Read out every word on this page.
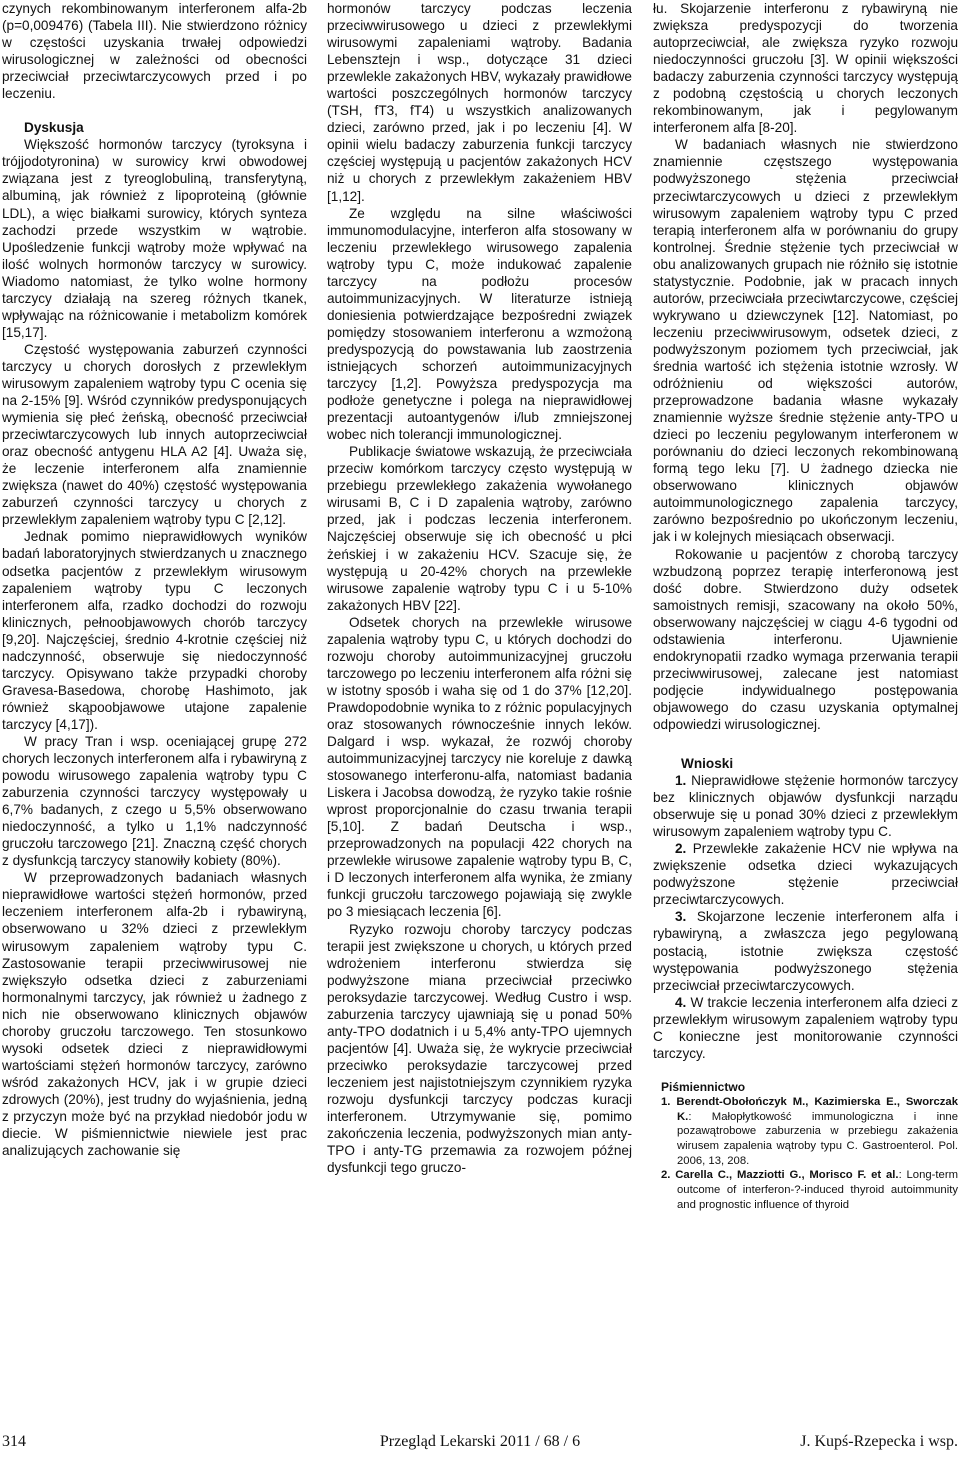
czynych rekombinowanym interferonem alfa-2b (p=0,009476) (Tabela III). Nie stwierdzono różnicy w częstości uzyskania trwałej odpowiedzi wirusologicznej w zależności od obecności przeciwciał przeciwtarczycowych przed i po leczeniu.

Dyskusja

Większość hormonów tarczycy (tyroksyna i trójjodotyronina) w surowicy krwi obwodowej związana jest z tyreoglobuliną, transferytyną, albuminą, jak również z lipoproteiną (głównie LDL), a więc białkami surowicy, których synteza zachodzi przede wszystkim w wątrobie. Upośledzenie funkcji wątroby może wpływać na ilość wolnych hormonów tarczycy w surowicy. Wiadomo natomiast, że tylko wolne hormony tarczycy działają na szereg różnych tkanek, wpływając na różnicowanie i metabolizm komórek [15,17].

Częstość występowania zaburzeń czynności tarczycy u chorych dorosłych z przewlekłym wirusowym zapaleniem wątroby typu C ocenia się na 2-15% [9]. Wśród czynników predysponujących wymienia się płeć żeńską, obecność przeciwciał przeciwtarczycowych lub innych autoprzeciwciał oraz obecność antygenu HLA A2 [4]. Uważa się, że leczenie interferonem alfa znamiennie zwiększa (nawet do 40%) częstość występowania zaburzeń czynności tarczycy u chorych z przewlekłym zapaleniem wątroby typu C [2,12].

Jednak pomimo nieprawidłowych wyników badań laboratoryjnych stwierdzanych u znacznego odsetka pacjentów z przewlekłym wirusowym zapaleniem wątroby typu C leczonych interferonem alfa, rzadko dochodzi do rozwoju klinicznych, pełnoobjawowych chorób tarczycy [9,20]. Najczęściej, średnio 4-krotnie częściej niż nadczynność, obserwuje się niedoczynność tarczycy. Opisywano także przypadki choroby Gravesa-Basedowa, chorobę Hashimoto, jak również skąpoobjawowe utajone zapalenie tarczycy [4,17]).

W pracy Tran i wsp. oceniającej grupę 272 chorych leczonych interferonem alfa i rybawiryną z powodu wirusowego zapalenia wątroby typu C zaburzenia czynności tarczycy występowały u 6,7% badanych, z czego u 5,5% obserwowano niedoczynność, a tylko u 1,1% nadczynność gruczołu tarczowego [21]. Znaczną część chorych z dysfunkcją tarczycy stanowiły kobiety (80%).

W przeprowadzonych badaniach własnych nieprawidłowe wartości stężeń hormonów, przed leczeniem interferonem alfa-2b i rybawiryną, obserwowano u 32% dzieci z przewlekłym wirusowym zapaleniem wątroby typu C. Zastosowanie terapii przeciwwirusowej nie zwiększyło odsetka dzieci z zaburzeniami hormonalnymi tarczycy, jak również u żadnego z nich nie obserwowano klinicznych objawów choroby gruczołu tarczowego. Ten stosunkowo wysoki odsetek dzieci z nieprawidłowymi wartościami stężeń hormonów tarczycy, zarówno wśród zakażonych HCV, jak i w grupie dzieci zdrowych (20%), jest trudny do wyjaśnienia, jedną z przyczyn może być na przykład niedobór jodu w diecie. W piśmiennictwie niewiele jest prac analizujących zachowanie się

hormonów tarczycy podczas leczenia przeciwwirusowego u dzieci z przewlekłymi wirusowymi zapaleniami wątroby. Badania Lebensztejn i wsp., dotyczące 31 dzieci przewlekle zakażonych HBV, wykazały prawidłowe wartości poszczególnych hormonów tarczycy (TSH, fT3, fT4) u wszystkich analizowanych dzieci, zarówno przed, jak i po leczeniu [4]. W opinii wielu badaczy zaburzenia funkcji tarczycy częściej występują u pacjentów zakażonych HCV niż u chorych z przewlekłym zakażeniem HBV [1,12].

Ze względu na silne właściwości immunomodulacyjne, interferon alfa stosowany w leczeniu przewlekłego wirusowego zapalenia wątroby typu C, może indukować zapalenie tarczycy na podłożu procesów autoimmunizacyjnych. W literaturze istnieją doniesienia potwierdzające bezpośredni związek pomiędzy stosowaniem interferonu a wzmożoną predyspozycją do powstawania lub zaostrzenia istniejących schorzeń autoimmunizacyjnych tarczycy [1,2]. Powyższa predyspozycja ma podłoże genetyczne i polega na nieprawidłowej prezentacji autoantygenów i/lub zmniejszonej wobec nich tolerancji immunologicznej.

Publikacje światowe wskazują, że przeciwciała przeciw komórkom tarczycy często występują w przebiegu przewlekłego zakażenia wywołanego wirusami B, C i D zapalenia wątroby, zarówno przed, jak i podczas leczenia interferonem. Najczęściej obserwuje się ich obecność u płci żeńskiej i w zakażeniu HCV. Szacuje się, że występują u 20-42% chorych na przewlekłe wirusowe zapalenie wątroby typu C i u 5-10% zakażonych HBV [22].

Odsetek chorych na przewlekłe wirusowe zapalenia wątroby typu C, u których dochodzi do rozwoju choroby autoimmunizacyjnej gruczołu tarczowego po leczeniu interferonem alfa różni się w istotny sposób i waha się od 1 do 37% [12,20]. Prawdopodobnie wynika to z różnic populacyjnych oraz stosowanych równocześnie innych leków. Dalgard i wsp. wykazał, że rozwój choroby autoimmunizacyjnej tarczycy nie koreluje z dawką stosowanego interferonu-alfa, natomiast badania Liskera i Jacobsa dowodzą, że ryzyko takie rośnie wprost proporcjonalnie do czasu trwania terapii [5,10]. Z badań Deutscha i wsp., przeprowadzonych na populacji 422 chorych na przewlekłe wirusowe zapalenie wątroby typu B, C, i D leczonych interferonem alfa wynika, że zmiany funkcji gruczołu tarczowego pojawiają się zwykle po 3 miesiącach leczenia [6].

Ryzyko rozwoju choroby tarczycy podczas terapii jest zwiększone u chorych, u których przed wdrożeniem interferonu stwierdza się podwyższone miana przeciwciał przeciwko peroksydazie tarczycowej. Według Custro i wsp. zaburzenia tarczycy ujawniają się u ponad 50% anty-TPO dodatnich i u 5,4% anty-TPO ujemnych pacjentów [4]. Uważa się, że wykrycie przeciwciał przeciwko peroksydazie tarczycowej przed leczeniem jest najistotniejszym czynnikiem ryzyka rozwoju dysfunkcji tarczycy podczas kuracji interferonem. Utrzymywanie się, pomimo zakończenia leczenia, podwyższonych mian anty-TPO i anty-TG przemawia za rozwojem późnej dysfunkcji tego gruczo-

łu. Skojarzenie interferonu z rybawiryną nie zwiększa predyspozycji do tworzenia autoprzeciwciał, ale zwiększa ryzyko rozwoju niedoczynności gruczołu [3]. W opinii większości badaczy zaburzenia czynności tarczycy występują z podobną częstością u chorych leczonych rekombinowanym, jak i pegylowanym interferonem alfa [8-20].

W badaniach własnych nie stwierdzono znamiennie częstszego występowania podwyższonego stężenia przeciwciał przeciwtarczycowych u dzieci z przewlekłym wirusowym zapaleniem wątroby typu C przed terapią interferonem alfa w porównaniu do grupy kontrolnej. Średnie stężenie tych przeciwciał w obu analizowanych grupach nie różniło się istotnie statystycznie. Podobnie, jak w pracach innych autorów, przeciwciała przeciwtarczycowe, częściej wykrywano u dziewczynek [12]. Natomiast, po leczeniu przeciwwirusowym, odsetek dzieci, z podwyższonym poziomem tych przeciwciał, jak średnia wartość ich stężenia istotnie wzrosły. W odróżnieniu od większości autorów, przeprowadzone badania własne wykazały znamiennie wyższe średnie stężenie anty-TPO u dzieci po leczeniu pegylowanym interferonem w porównaniu do dzieci leczonych rekombinowaną formą tego leku [7]. U żadnego dziecka nie obserwowano klinicznych objawów autoimmunologicznego zapalenia tarczycy, zarówno bezpośrednio po ukończonym leczeniu, jak i w kolejnych miesiącach obserwacji.

Rokowanie u pacjentów z chorobą tarczycy wzbudzoną poprzez terapię interferonową jest dość dobre. Stwierdzono duży odsetek samoistnych remisji, szacowany na około 50%, obserwowany najczęściej w ciągu 4-6 tygodni od odstawienia interferonu. Ujawnienie endokrynopatii rzadko wymaga przerwania terapii przeciwwirusowej, zalecane jest natomiast podjęcie indywidualnego postępowania objawowego do czasu uzyskania optymalnej odpowiedzi wirusologicznej.

Wnioski

1. Nieprawidłowe stężenie hormonów tarczycy bez klinicznych objawów dysfunkcji narządu obserwuje się u ponad 30% dzieci z przewlekłym wirusowym zapaleniem wątroby typu C.

2. Przewlekłe zakażenie HCV nie wpływa na zwiększenie odsetka dzieci wykazujących podwyższone stężenie przeciwciał przeciwtarczycowych.

3. Skojarzone leczenie interferonem alfa i rybawiryną, a zwłaszcza jego pegylowaną postacią, istotnie zwiększa częstość występowania podwyższonego stężenia przeciwciał przeciwtarczycowych.

4. W trakcie leczenia interferonem alfa dzieci z przewlekłym wirusowym zapaleniem wątroby typu C konieczne jest monitorowanie czynności tarczycy.

Piśmiennictwo
1. Berendt-Obołończyk M., Kazimierska E., Sworczak K.: Małopłytkowość immunologiczna i inne pozawątrobowe zaburzenia w przebiegu zakażenia wirusem zapalenia wątroby typu C. Gastroenterol. Pol. 2006, 13, 208.
2. Carella C., Mazziotti G., Morisco F. et al.: Long-term outcome of interferon-?-induced thyroid autoimmunity and prognostic influence of thyroid
314	Przegląd Lekarski 2011 / 68 / 6	J. Kupś-Rzepecka i wsp.
